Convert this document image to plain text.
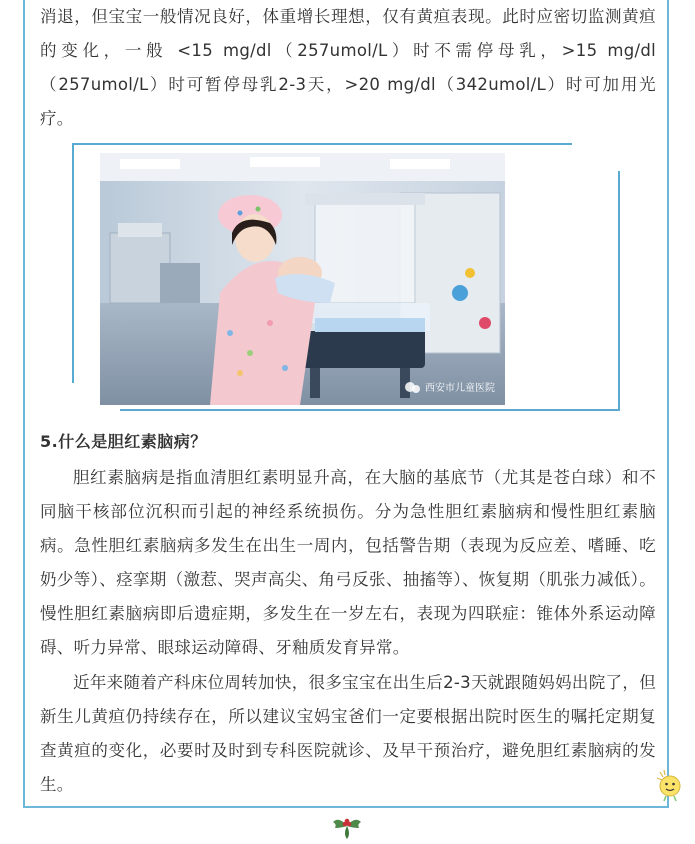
消退，但宝宝一般情况良好，体重增长理想，仅有黄疸表现。此时应密切监测黄疸的变化，一般 <15 mg/dl（257umol/L）时不需停母乳，>15 mg/dl（257umol/L）时可暂停母乳2-3天，>20 mg/dl（342umol/L）时可加用光疗。

西安市儿童医院
5.什么是胆红素脑病？

胆红素脑病是指血清胆红素明显升高，在大脑的基底节（尤其是苍白球）和不同脑干核部位沉积而引起的神经系统损伤。分为急性胆红素脑病和慢性胆红素脑病。急性胆红素脑病多发生在出生一周内，包括警告期（表现为反应差、嗜睡、吃奶少等）、痉挛期（激惹、哭声高尖、角弓反张、抽搐等）、恢复期（肌张力减低）。慢性胆红素脑病即后遗症期，多发生在一岁左右，表现为四联症：锥体外系运动障碍、听力异常、眼球运动障碍、牙釉质发育异常。

近年来随着产科床位周转加快，很多宝宝在出生后2-3天就跟随妈妈出院了，但新生儿黄疸仍持续存在，所以建议宝妈宝爸们一定要根据出院时医生的嘱托定期复查黄疸的变化，必要时及时到专科医院就诊、及早干预治疗，避免胆红素脑病的发生。
